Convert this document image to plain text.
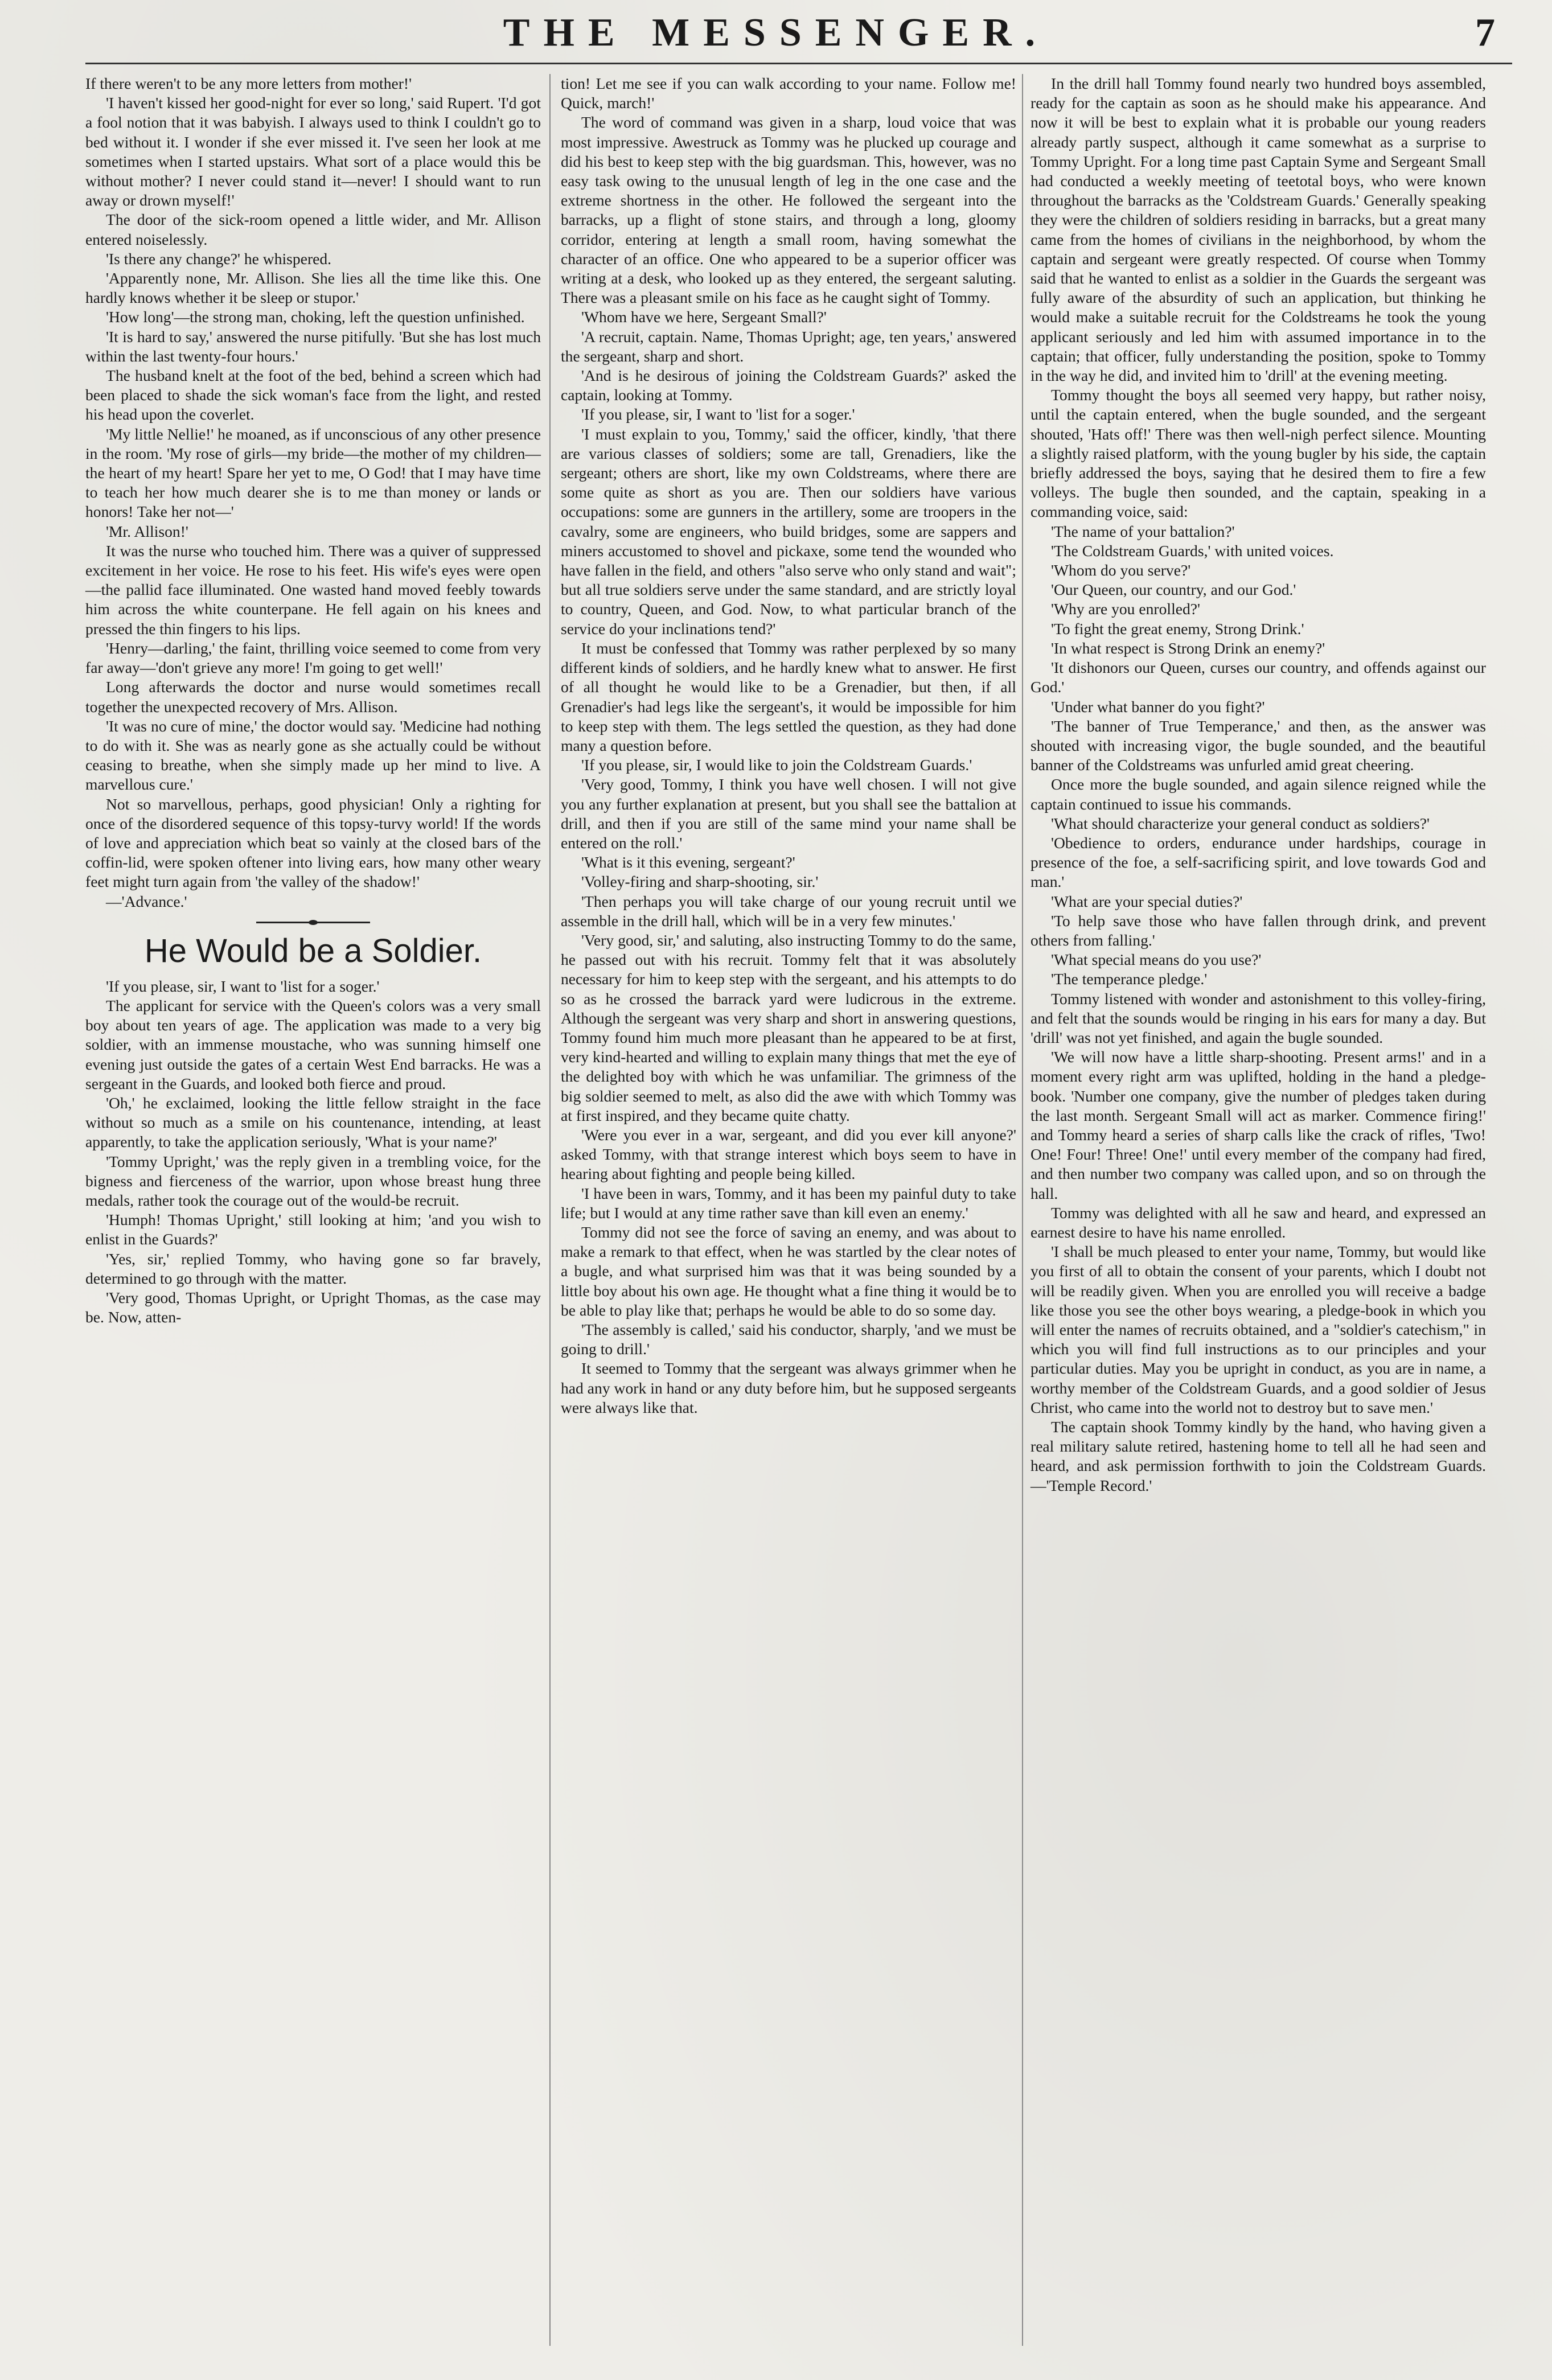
THE MESSENGER.	7

If there weren't to be any more letters from mother!'

'I haven't kissed her good-night for ever so long,' said Rupert. 'I'd got a fool notion that it was babyish. I always used to think I couldn't go to bed without it. I wonder if she ever missed it. I've seen her look at me sometimes when I started upstairs. What sort of a place would this be without mother? I never could stand it—never! I should want to run away or drown myself!'

The door of the sick-room opened a little wider, and Mr. Allison entered noiselessly.

'Is there any change?' he whispered.

'Apparently none, Mr. Allison. She lies all the time like this. One hardly knows whether it be sleep or stupor.'

'How long'—the strong man, choking, left the question unfinished.

'It is hard to say,' answered the nurse pitifully. 'But she has lost much within the last twenty-four hours.'

The husband knelt at the foot of the bed, behind a screen which had been placed to shade the sick woman's face from the light, and rested his head upon the coverlet.

'My little Nellie!' he moaned, as if unconscious of any other presence in the room. 'My rose of girls—my bride—the mother of my children—the heart of my heart! Spare her yet to me, O God! that I may have time to teach her how much dearer she is to me than money or lands or honors! Take her not—'

'Mr. Allison!'

It was the nurse who touched him. There was a quiver of suppressed excitement in her voice. He rose to his feet. His wife's eyes were open—the pallid face illuminated. One wasted hand moved feebly towards him across the white counterpane. He fell again on his knees and pressed the thin fingers to his lips.

'Henry—darling,' the faint, thrilling voice seemed to come from very far away—'don't grieve any more! I'm going to get well!'

Long afterwards the doctor and nurse would sometimes recall together the unexpected recovery of Mrs. Allison.

'It was no cure of mine,' the doctor would say. 'Medicine had nothing to do with it. She was as nearly gone as she actually could be without ceasing to breathe, when she simply made up her mind to live. A marvellous cure.'

Not so marvellous, perhaps, good physician! Only a righting for once of the disordered sequence of this topsy-turvy world! If the words of love and appreciation which beat so vainly at the closed bars of the coffin-lid, were spoken oftener into living ears, how many other weary feet might turn again from 'the valley of the shadow!'

—'Advance.'

He Would be a Soldier.

'If you please, sir, I want to 'list for a soger.'

The applicant for service with the Queen's colors was a very small boy about ten years of age. The application was made to a very big soldier, with an immense moustache, who was sunning himself one evening just outside the gates of a certain West End barracks. He was a sergeant in the Guards, and looked both fierce and proud.

'Oh,' he exclaimed, looking the little fellow straight in the face without so much as a smile on his countenance, intending, at least apparently, to take the application seriously, 'What is your name?'

'Tommy Upright,' was the reply given in a trembling voice, for the bigness and fierceness of the warrior, upon whose breast hung three medals, rather took the courage out of the would-be recruit.

'Humph! Thomas Upright,' still looking at him; 'and you wish to enlist in the Guards?'

'Yes, sir,' replied Tommy, who having gone so far bravely, determined to go through with the matter.

'Very good, Thomas Upright, or Upright Thomas, as the case may be. Now, atten-

tion! Let me see if you can walk according to your name. Follow me! Quick, march!'

The word of command was given in a sharp, loud voice that was most impressive. Awestruck as Tommy was he plucked up courage and did his best to keep step with the big guardsman. This, however, was no easy task owing to the unusual length of leg in the one case and the extreme shortness in the other. He followed the sergeant into the barracks, up a flight of stone stairs, and through a long, gloomy corridor, entering at length a small room, having somewhat the character of an office. One who appeared to be a superior officer was writing at a desk, who looked up as they entered, the sergeant saluting. There was a pleasant smile on his face as he caught sight of Tommy.

'Whom have we here, Sergeant Small?'

'A recruit, captain. Name, Thomas Upright; age, ten years,' answered the sergeant, sharp and short.

'And is he desirous of joining the Coldstream Guards?' asked the captain, looking at Tommy.

'If you please, sir, I want to 'list for a soger.'

'I must explain to you, Tommy,' said the officer, kindly, 'that there are various classes of soldiers; some are tall, Grenadiers, like the sergeant; others are short, like my own Coldstreams, where there are some quite as short as you are. Then our soldiers have various occupations: some are gunners in the artillery, some are troopers in the cavalry, some are engineers, who build bridges, some are sappers and miners accustomed to shovel and pickaxe, some tend the wounded who have fallen in the field, and others "also serve who only stand and wait"; but all true soldiers serve under the same standard, and are strictly loyal to country, Queen, and God. Now, to what particular branch of the service do your inclinations tend?'

It must be confessed that Tommy was rather perplexed by so many different kinds of soldiers, and he hardly knew what to answer. He first of all thought he would like to be a Grenadier, but then, if all Grenadier's had legs like the sergeant's, it would be impossible for him to keep step with them. The legs settled the question, as they had done many a question before.

'If you please, sir, I would like to join the Coldstream Guards.'

'Very good, Tommy, I think you have well chosen. I will not give you any further explanation at present, but you shall see the battalion at drill, and then if you are still of the same mind your name shall be entered on the roll.'

'What is it this evening, sergeant?'

'Volley-firing and sharp-shooting, sir.'

'Then perhaps you will take charge of our young recruit until we assemble in the drill hall, which will be in a very few minutes.'

'Very good, sir,' and saluting, also instructing Tommy to do the same, he passed out with his recruit. Tommy felt that it was absolutely necessary for him to keep step with the sergeant, and his attempts to do so as he crossed the barrack yard were ludicrous in the extreme. Although the sergeant was very sharp and short in answering questions, Tommy found him much more pleasant than he appeared to be at first, very kind-hearted and willing to explain many things that met the eye of the delighted boy with which he was unfamiliar. The grimness of the big soldier seemed to melt, as also did the awe with which Tommy was at first inspired, and they became quite chatty.

'Were you ever in a war, sergeant, and did you ever kill anyone?' asked Tommy, with that strange interest which boys seem to have in hearing about fighting and people being killed.

'I have been in wars, Tommy, and it has been my painful duty to take life; but I would at any time rather save than kill even an enemy.'

Tommy did not see the force of saving an enemy, and was about to make a remark to that effect, when he was startled by the clear notes of a bugle, and what surprised him was that it was being sounded by a little boy about his own age. He thought what a fine thing it would be to be able to play like that; perhaps he would be able to do so some day.

'The assembly is called,' said his conductor, sharply, 'and we must be going to drill.'

It seemed to Tommy that the sergeant was always grimmer when he had any work in hand or any duty before him, but he supposed sergeants were always like that.

In the drill hall Tommy found nearly two hundred boys assembled, ready for the captain as soon as he should make his appearance. And now it will be best to explain what it is probable our young readers already partly suspect, although it came somewhat as a surprise to Tommy Upright. For a long time past Captain Syme and Sergeant Small had conducted a weekly meeting of teetotal boys, who were known throughout the barracks as the 'Coldstream Guards.' Generally speaking they were the children of soldiers residing in barracks, but a great many came from the homes of civilians in the neighborhood, by whom the captain and sergeant were greatly respected. Of course when Tommy said that he wanted to enlist as a soldier in the Guards the sergeant was fully aware of the absurdity of such an application, but thinking he would make a suitable recruit for the Coldstreams he took the young applicant seriously and led him with assumed importance in to the captain; that officer, fully understanding the position, spoke to Tommy in the way he did, and invited him to 'drill' at the evening meeting.

Tommy thought the boys all seemed very happy, but rather noisy, until the captain entered, when the bugle sounded, and the sergeant shouted, 'Hats off!' There was then well-nigh perfect silence. Mounting a slightly raised platform, with the young bugler by his side, the captain briefly addressed the boys, saying that he desired them to fire a few volleys. The bugle then sounded, and the captain, speaking in a commanding voice, said:

'The name of your battalion?'

'The Coldstream Guards,' with united voices.

'Whom do you serve?'

'Our Queen, our country, and our God.'

'Why are you enrolled?'

'To fight the great enemy, Strong Drink.'

'In what respect is Strong Drink an enemy?'

'It dishonors our Queen, curses our country, and offends against our God.'

'Under what banner do you fight?'

'The banner of True Temperance,' and then, as the answer was shouted with increasing vigor, the bugle sounded, and the beautiful banner of the Coldstreams was unfurled amid great cheering.

Once more the bugle sounded, and again silence reigned while the captain continued to issue his commands.

'What should characterize your general conduct as soldiers?'

'Obedience to orders, endurance under hardships, courage in presence of the foe, a self-sacrificing spirit, and love towards God and man.'

'What are your special duties?'

'To help save those who have fallen through drink, and prevent others from falling.'

'What special means do you use?'

'The temperance pledge.'

Tommy listened with wonder and astonishment to this volley-firing, and felt that the sounds would be ringing in his ears for many a day. But 'drill' was not yet finished, and again the bugle sounded.

'We will now have a little sharp-shooting. Present arms!' and in a moment every right arm was uplifted, holding in the hand a pledge-book. 'Number one company, give the number of pledges taken during the last month. Sergeant Small will act as marker. Commence firing!' and Tommy heard a series of sharp calls like the crack of rifles, 'Two! One! Four! Three! One!' until every member of the company had fired, and then number two company was called upon, and so on through the hall.

Tommy was delighted with all he saw and heard, and expressed an earnest desire to have his name enrolled.

'I shall be much pleased to enter your name, Tommy, but would like you first of all to obtain the consent of your parents, which I doubt not will be readily given. When you are enrolled you will receive a badge like those you see the other boys wearing, a pledge-book in which you will enter the names of recruits obtained, and a "soldier's catechism," in which you will find full instructions as to our principles and your particular duties. May you be upright in conduct, as you are in name, a worthy member of the Coldstream Guards, and a good soldier of Jesus Christ, who came into the world not to destroy but to save men.'

The captain shook Tommy kindly by the hand, who having given a real military salute retired, hastening home to tell all he had seen and heard, and ask permission forthwith to join the Coldstream Guards.—'Temple Record.'
